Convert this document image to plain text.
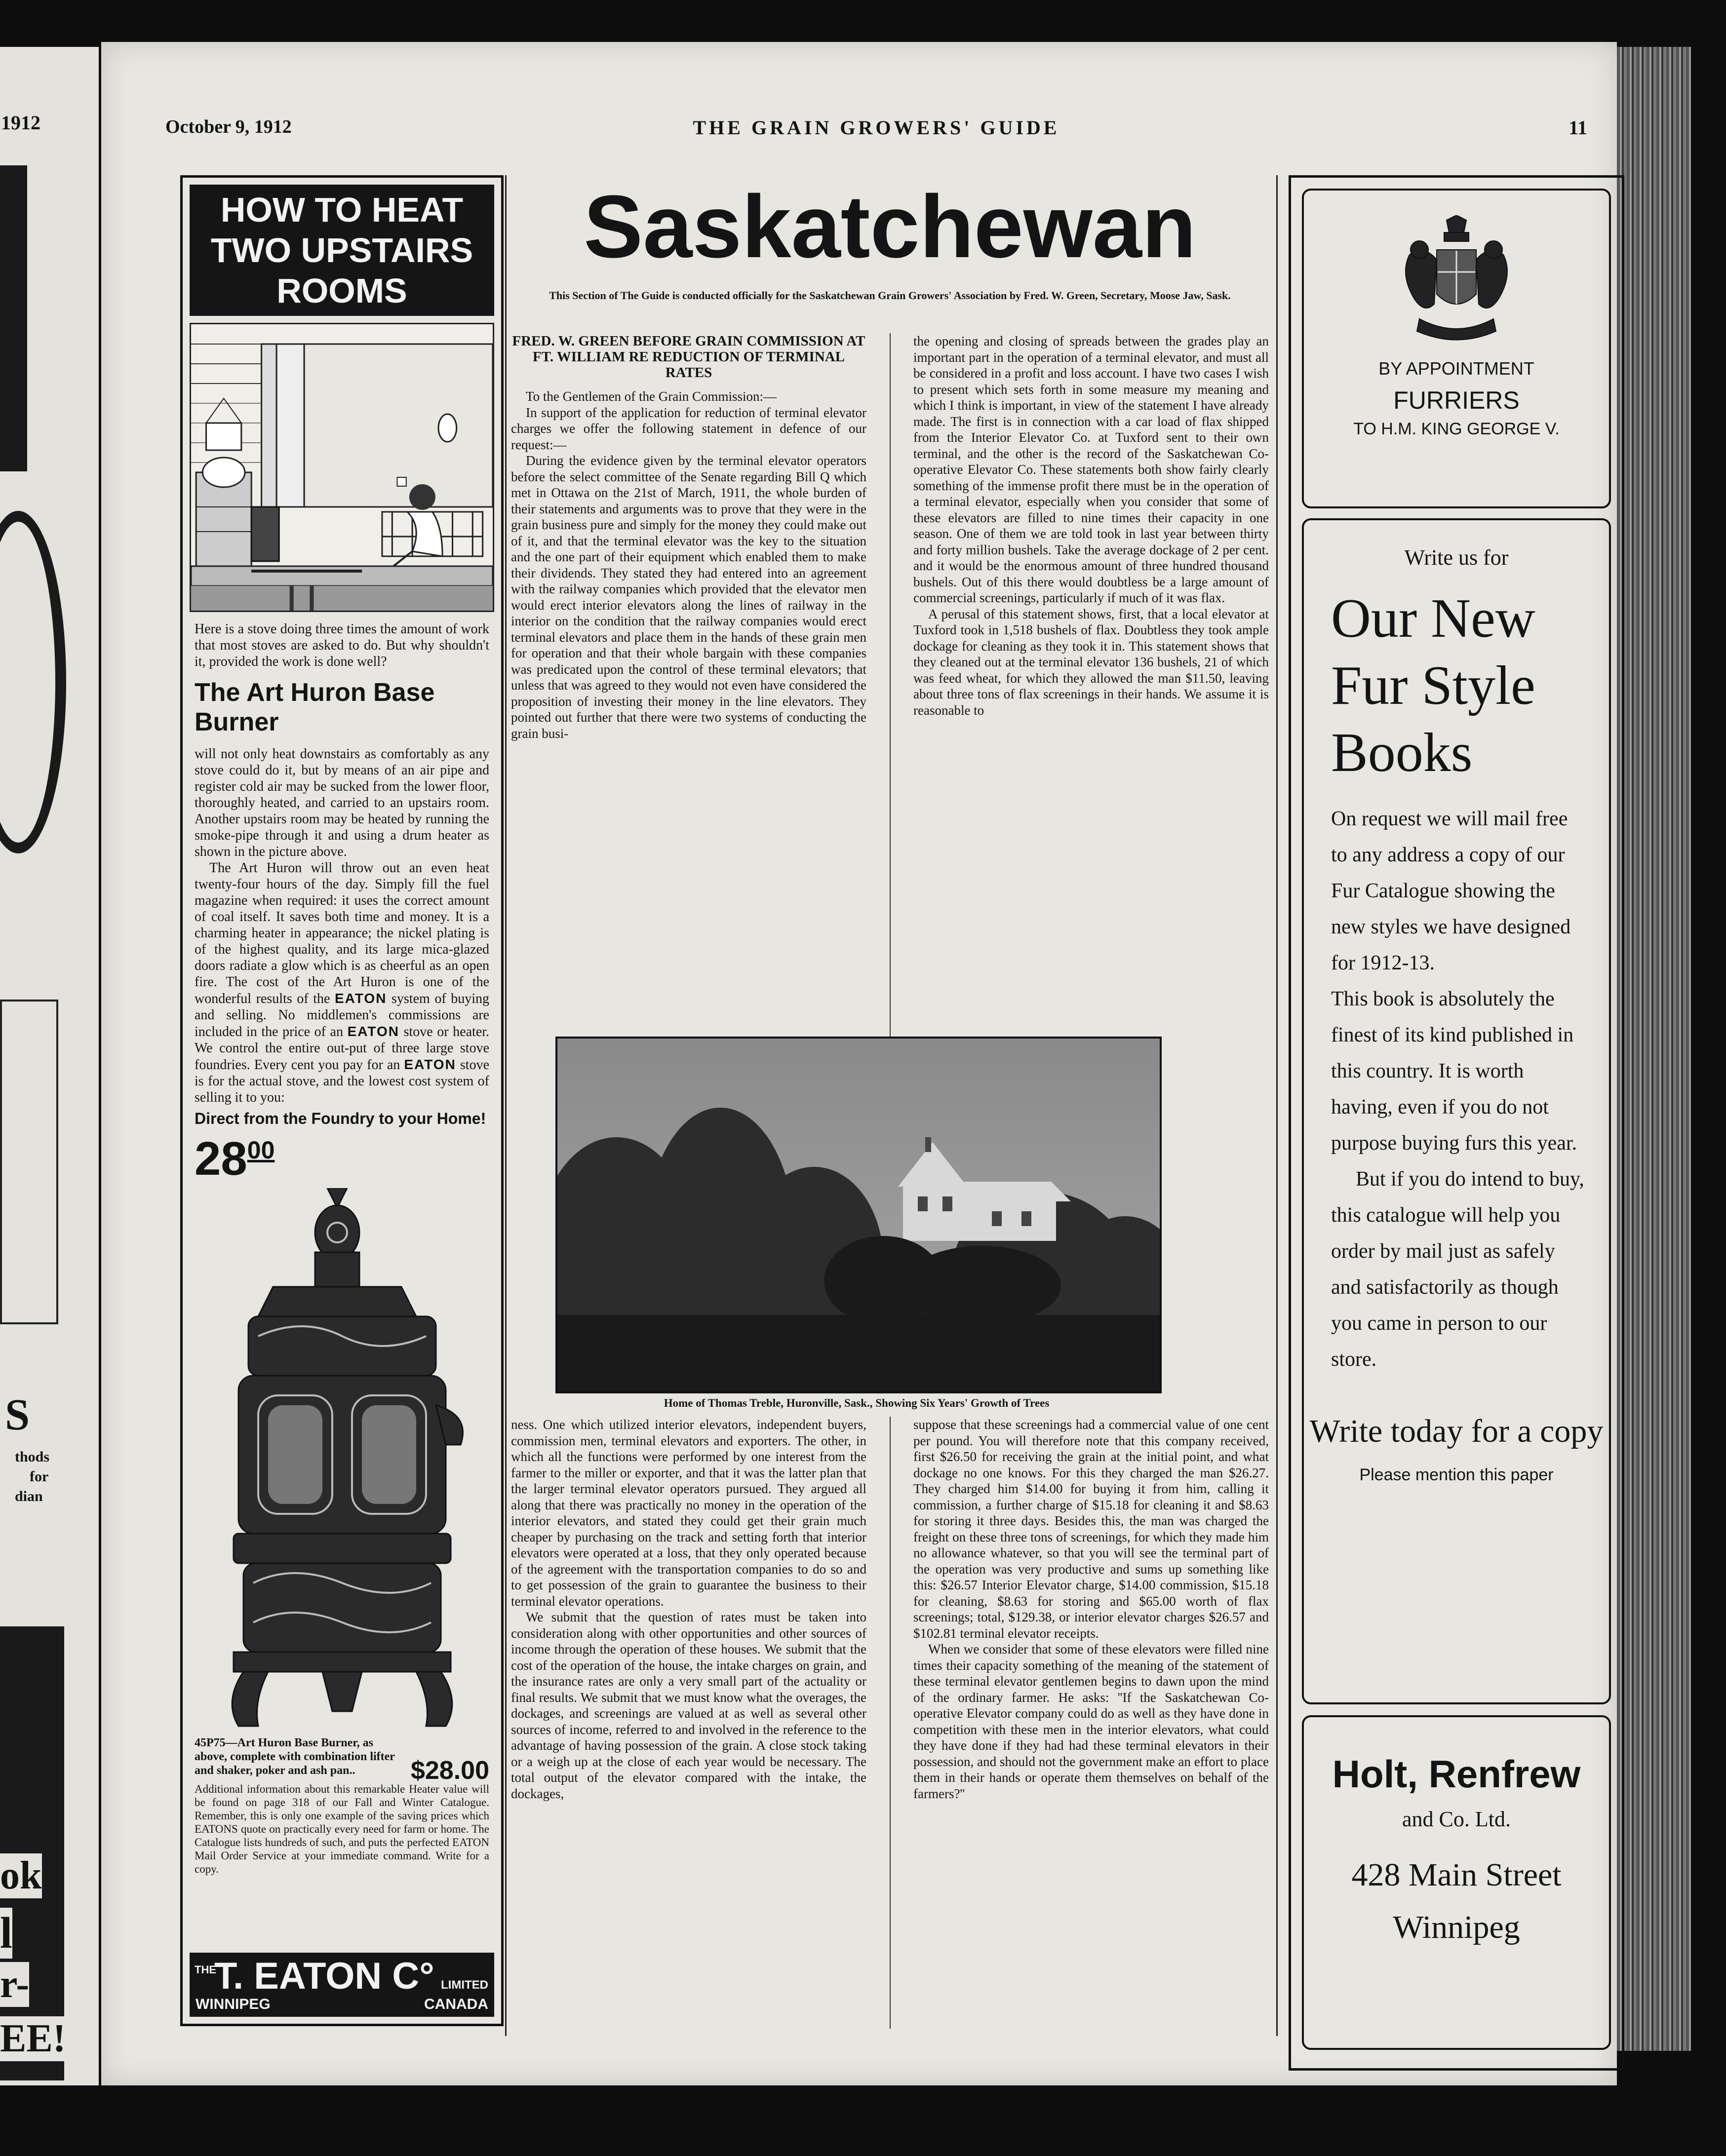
1912
S
thods
for
dian
ok
l
r-
EE!
October 9, 1912	THE GRAIN GROWERS' GUIDE	11
HOW TO HEAT
TWO UPSTAIRS ROOMS
Here is a stove doing three times the amount of work that most stoves are asked to do. But why shouldn't it, provided the work is done well?
The Art Huron Base Burner
will not only heat downstairs as comfortably as any stove could do it, but by means of an air pipe and register cold air may be sucked from the lower floor, thoroughly heated, and carried to an upstairs room. Another upstairs room may be heated by running the smoke-pipe through it and using a drum heater as shown in the picture above.
The Art Huron will throw out an even heat twenty-four hours of the day. Simply fill the fuel magazine when required: it uses the correct amount of coal itself. It saves both time and money. It is a charming heater in appearance; the nickel plating is of the highest quality, and its large mica-glazed doors radiate a glow which is as cheerful as an open fire. The cost of the Art Huron is one of the wonderful results of the EATON system of buying and selling. No middlemen's commissions are included in the price of an EATON stove or heater. We control the entire out-put of three large stove foundries. Every cent you pay for an EATON stove is for the actual stove, and the lowest cost system of selling it to you:
Direct from the Foundry to your Home!
$28^{00}$
45P75—Art Huron Base Burner, as above, complete with combination lifter and shaker, poker and ash pan..	$28.00
Additional information about this remarkable Heater value will be found on page 318 of our Fall and Winter Catalogue. Remember, this is only one example of the saving prices which EATONS quote on practically every need for farm or home. The Catalogue lists hundreds of such, and puts the perfected EATON Mail Order Service at your immediate command. Write for a copy.
THE
T. EATON C° LIMITED
WINNIPEG	CANADA
Saskatchewan
This Section of The Guide is conducted officially for the Saskatchewan Grain Growers' Association by Fred. W. Green, Secretary, Moose Jaw, Sask.

FRED. W. GREEN BEFORE GRAIN COMMISSION AT FT. WILLIAM RE REDUCTION OF TERMINAL RATES

To the Gentlemen of the Grain Commission:—

In support of the application for reduction of terminal elevator charges we offer the following statement in defence of our request:—

During the evidence given by the terminal elevator operators before the select committee of the Senate regarding Bill Q which met in Ottawa on the 21st of March, 1911, the whole burden of their statements and arguments was to prove that they were in the grain business pure and simply for the money they could make out of it, and that the terminal elevator was the key to the situation and the one part of their equipment which enabled them to make their dividends. They stated they had entered into an agreement with the railway companies which provided that the elevator men would erect interior elevators along the lines of railway in the interior on the condition that the railway companies would erect terminal elevators and place them in the hands of these grain men for operation and that their whole bargain with these companies was predicated upon the control of these terminal elevators; that unless that was agreed to they would not even have considered the proposition of investing their money in the line elevators. They pointed out further that there were two systems of conducting the grain busi-

the opening and closing of spreads between the grades play an important part in the operation of a terminal elevator, and must all be considered in a profit and loss account. I have two cases I wish to present which sets forth in some measure my meaning and which I think is important, in view of the statement I have already made. The first is in connection with a car load of flax shipped from the Interior Elevator Co. at Tuxford sent to their own terminal, and the other is the record of the Saskatchewan Co-operative Elevator Co. These statements both show fairly clearly something of the immense profit there must be in the operation of a terminal elevator, especially when you consider that some of these elevators are filled to nine times their capacity in one season. One of them we are told took in last year between thirty and forty million bushels. Take the average dockage of 2 per cent. and it would be the enormous amount of three hundred thousand bushels. Out of this there would doubtless be a large amount of commercial screenings, particularly if much of it was flax.

A perusal of this statement shows, first, that a local elevator at Tuxford took in 1,518 bushels of flax. Doubtless they took ample dockage for cleaning as they took it in. This statement shows that they cleaned out at the terminal elevator 136 bushels, 21 of which was feed wheat, for which they allowed the man $11.50, leaving about three tons of flax screenings in their hands. We assume it is reasonable to

Home of Thomas Treble, Huronville, Sask., Showing Six Years' Growth of Trees

ness. One which utilized interior elevators, independent buyers, commission men, terminal elevators and exporters. The other, in which all the functions were performed by one interest from the farmer to the miller or exporter, and that it was the latter plan that the larger terminal elevator operators pursued. They argued all along that there was practically no money in the operation of the interior elevators, and stated they could get their grain much cheaper by purchasing on the track and setting forth that interior elevators were operated at a loss, that they only operated because of the agreement with the transportation companies to do so and to get possession of the grain to guarantee the business to their terminal elevator operations.

We submit that the question of rates must be taken into consideration along with other opportunities and other sources of income through the operation of these houses. We submit that the cost of the operation of the house, the intake charges on grain, and the insurance rates are only a very small part of the actuality or final results. We submit that we must know what the overages, the dockages, and screenings are valued at as well as several other sources of income, referred to and involved in the reference to the advantage of having possession of the grain. A close stock taking or a weigh up at the close of each year would be necessary. The total output of the elevator compared with the intake, the dockages,

suppose that these screenings had a commercial value of one cent per pound. You will therefore note that this company received, first $26.50 for receiving the grain at the initial point, and what dockage no one knows. For this they charged the man $26.27. They charged him $14.00 for buying it from him, calling it commission, a further charge of $15.18 for cleaning it and $8.63 for storing it three days. Besides this, the man was charged the freight on these three tons of screenings, for which they made him no allowance whatever, so that you will see the terminal part of the operation was very productive and sums up something like this: $26.57 Interior Elevator charge, $14.00 commission, $15.18 for cleaning, $8.63 for storing and $65.00 worth of flax screenings; total, $129.38, or interior elevator charges $26.57 and $102.81 terminal elevator receipts.

When we consider that some of these elevators were filled nine times their capacity something of the meaning of the statement of these terminal elevator gentlemen begins to dawn upon the mind of the ordinary farmer. He asks: ''If the Saskatchewan Co-operative Elevator company could do as well as they have done in competition with these men in the interior elevators, what could they have done if they had had these terminal elevators in their possession, and should not the government make an effort to place them in their hands or operate them themselves on behalf of the farmers?''

BY APPOINTMENT
FURRIERS
TO H.M. KING GEORGE V.
Write us for
Our New Fur Style Books

On request we will mail free to any address a copy of our Fur Catalogue showing the new styles we have designed for 1912-13.

This book is absolutely the finest of its kind published in this country. It is worth having, even if you do not purpose buying furs this year.

But if you do intend to buy, this catalogue will help you order by mail just as safely and satisfactorily as though you came in person to our store.

Write today for a copy
Please mention this paper
Holt, Renfrew
and Co. Ltd.
428 Main Street
Winnipeg
